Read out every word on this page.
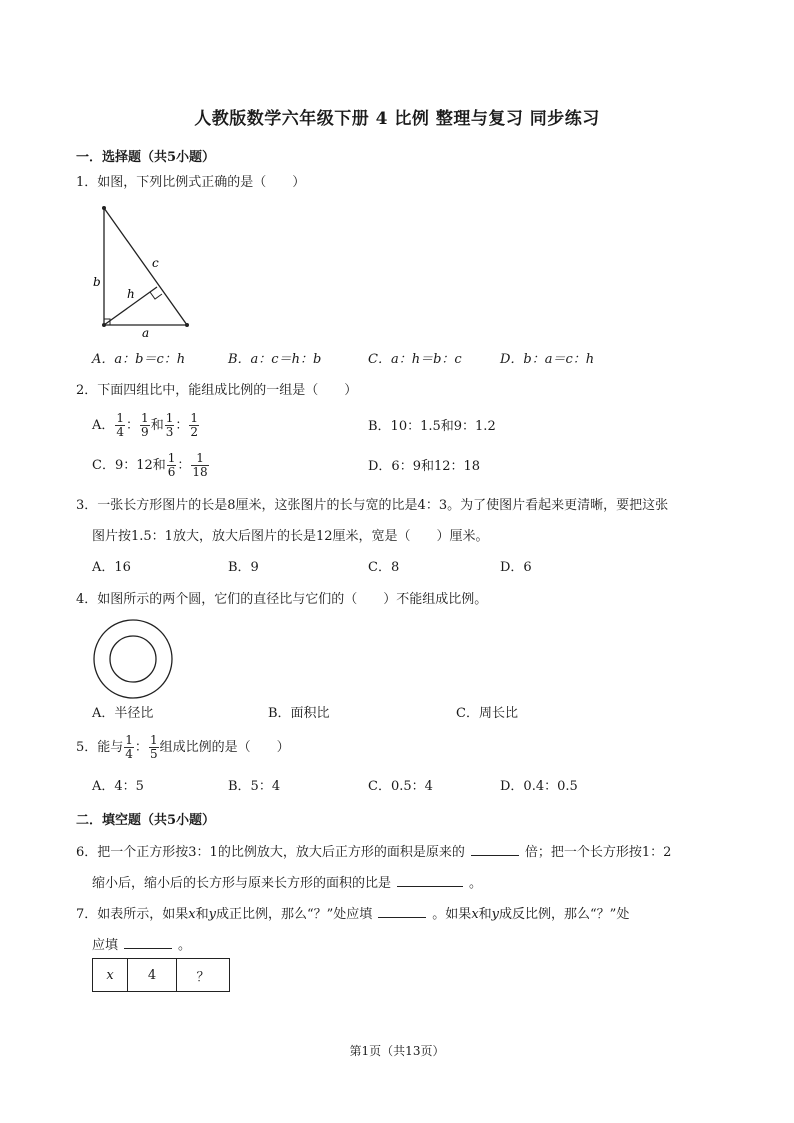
人教版数学六年级下册 4 比例 整理与复习 同步练习
一．选择题（共5小题）
1．如图，下列比例式正确的是（　　）
b
c
h
a
A．a：b＝c：h	B．a：c＝h：b	C．a：h＝b：c	D．b：a＝c：h
2．下面四组比中，能组成比例的一组是（　　）
A． $\frac{1}{4}$ ： $\frac{1}{9}$ 和 $\frac{1}{3}$ ： $\frac{1}{2}$	B．10：1.5和9：1.2
C．9：12和 $\frac{1}{6}$ ： $\frac{1}{18}$	D．6：9和12：18
3．一张长方形图片的长是8厘米，这张图片的长与宽的比是4：3。为了使图片看起来更清晰，要把这张
图片按1.5：1放大，放大后图片的长是12厘米，宽是（　　）厘米。
A．16	B．9	C．8	D．6
4．如图所示的两个圆，它们的直径比与它们的（　　）不能组成比例。
A．半径比	B．面积比	C．周长比
5．能与 $\frac{1}{4}$ ： $\frac{1}{5}$ 组成比例的是（　　）
A．4：5	B．5：4	C．0.5：4	D．0.4：0.5
二．填空题（共5小题）
6．把一个正方形按3：1的比例放大，放大后正方形的面积是原来的	倍；把一个长方形按1：2
缩小后，缩小后的长方形与原来长方形的面积的比是	。
7．如表所示，如果x和y成正比例，那么“？”处应填	。如果x和y成反比例，那么“？”处
应填	。
x	4	？
第1页（共13页）
